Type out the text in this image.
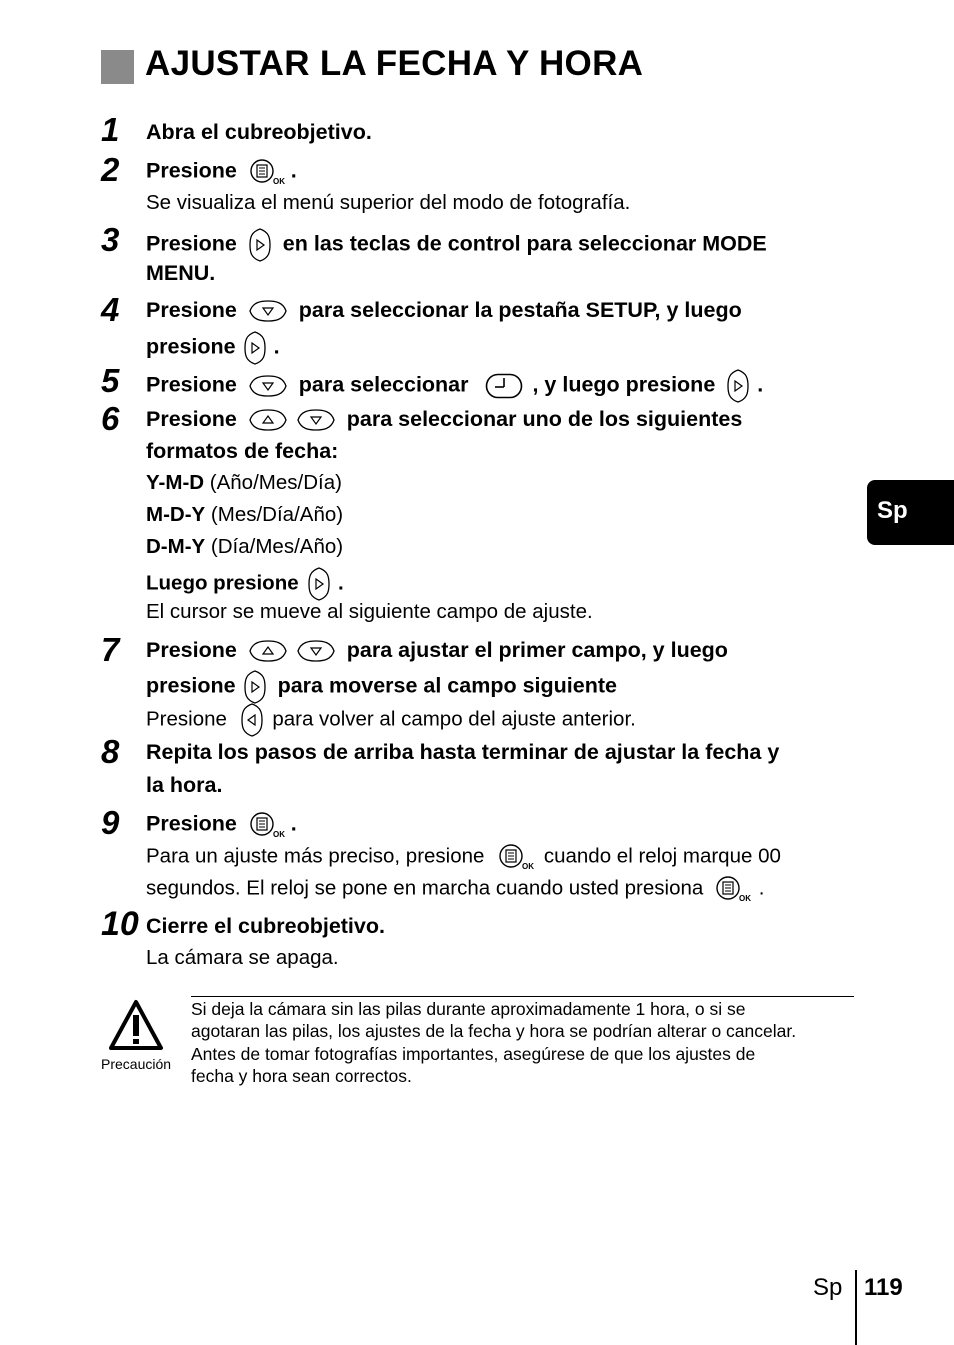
AJUSTAR LA FECHA Y HORA
1 Abra el cubreobjetivo.
2 Presione	OK .
Se visualiza el menú superior del modo de fotografía.
3 Presione en las teclas de control para seleccionar MODE
MENU.
4 Presione	para seleccionar la pestaña SETUP, y luego
presione .
5 Presione	para seleccionar	, y luego presione .
6 Presione
	para seleccionar uno de los siguientes
formatos de fecha:
Y-M-D (Año/Mes/Día)
M-D-Y (Mes/Día/Año)
D-M-Y (Día/Mes/Año)
Luego presione .
El cursor se mueve al siguiente campo de ajuste.
7 Presione
	para ajustar el primer campo, y luego
presione para moverse al campo siguiente
Presione para volver al campo del ajuste anterior.
8 Repita los pasos de arriba hasta terminar de ajustar la fecha y
la hora.
9 Presione	OK .
Para un ajuste más preciso, presione	OK cuando el reloj marque 00
segundos. El reloj se pone en marcha cuando usted presiona	OK .
10 Cierre el cubreobjetivo.
La cámara se apaga.
Precaución
Si deja la cámara sin las pilas durante aproximadamente 1 hora, o si se
agotaran las pilas, los ajustes de la fecha y hora se podrían alterar o cancelar.
Antes de tomar fotografías importantes, asegúrese de que los ajustes de
fecha y hora sean correctos.
Sp
Sp 119
